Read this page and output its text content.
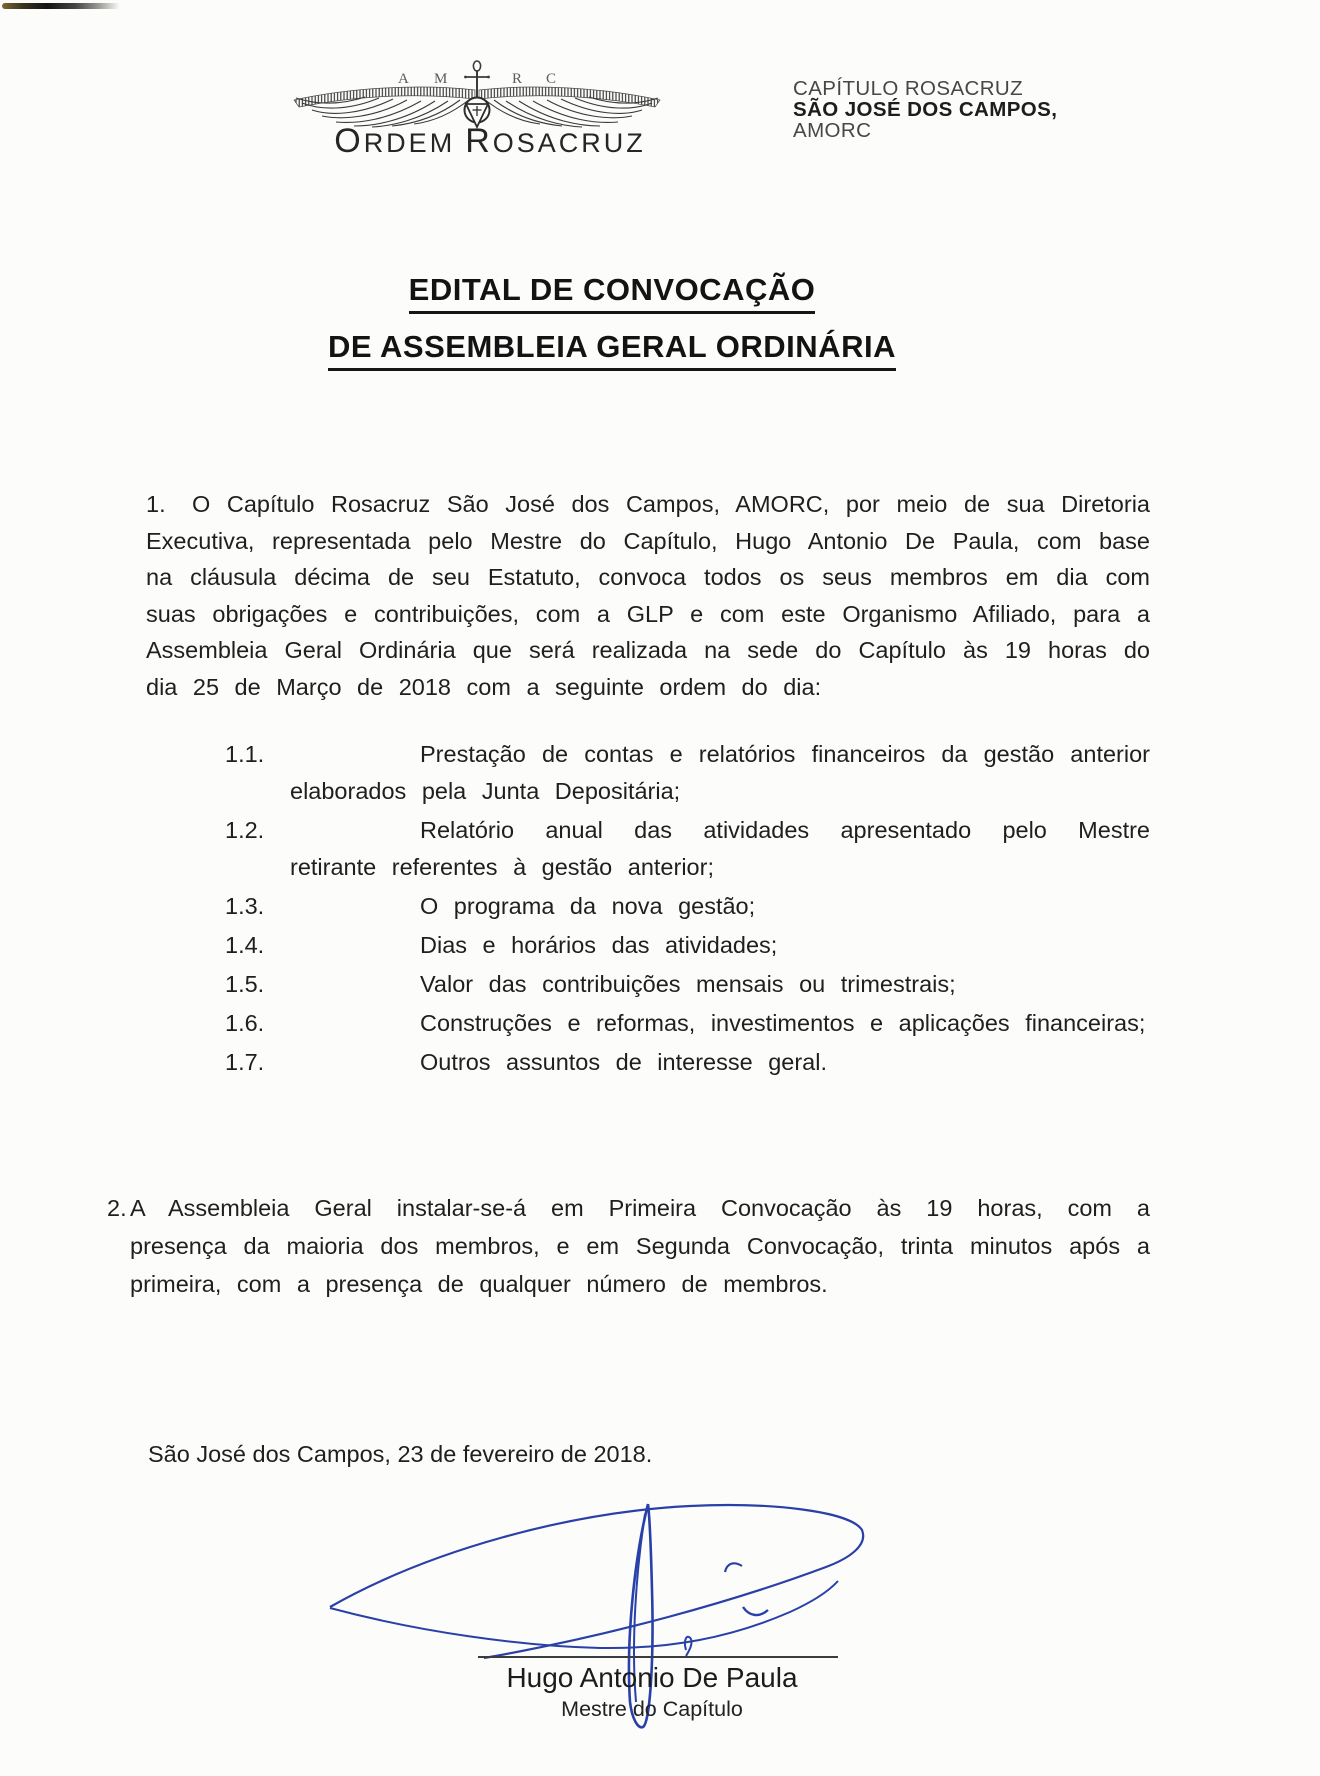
A M	R C
ORDEM ROSACRUZ
CAPÍTULO ROSACRUZ
SÃO JOSÉ DOS CAMPOS,
AMORC
EDITAL DE CONVOCAÇÃO
DE ASSEMBLEIA GERAL ORDINÁRIA

1. O Capítulo Rosacruz São José dos Campos, AMORC, por meio de sua Diretoria Executiva, representada pelo Mestre do Capítulo, Hugo Antonio De Paula, com base na cláusula décima de seu Estatuto, convoca todos os seus membros em dia com suas obrigações e contribuições, com a GLP e com este Organismo Afiliado, para a Assembleia Geral Ordinária que será realizada na sede do Capítulo às 19 horas do dia 25 de Março de 2018 com a seguinte ordem do dia:

1.1.	Prestação de contas e relatórios financeiros da gestão anterior elaborados pela Junta Depositária;
1.2.	Relatório anual das atividades apresentado pelo Mestre retirante referentes à gestão anterior;
1.3.	O programa da nova gestão;
1.4.	Dias e horários das atividades;
1.5.	Valor das contribuições mensais ou trimestrais;
1.6.	Construções e reformas, investimentos e aplicações financeiras;
1.7.	Outros assuntos de interesse geral.

2. A Assembleia Geral instalar-se-á em Primeira Convocação às 19 horas, com a presença da maioria dos membros, e em Segunda Convocação, trinta minutos após a primeira, com a presença de qualquer número de membros.

São José dos Campos, 23 de fevereiro de 2018.
Hugo Antonio De Paula
Mestre do Capítulo
